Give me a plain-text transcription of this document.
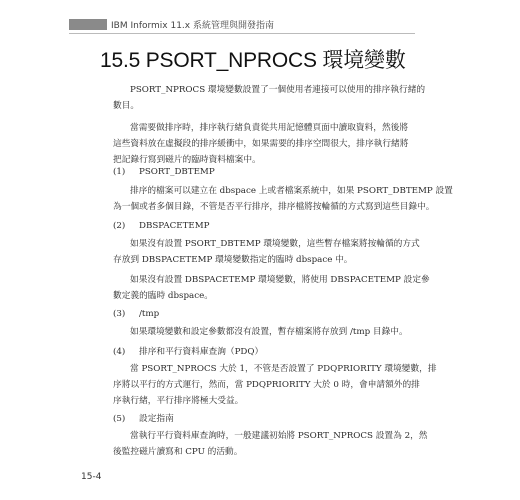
IBM Informix 11.x 系統管理與開發指南
15.5 PSORT_NPROCS 環境變數
PSORT_NPROCS 環境變數設置了一個使用者連接可以使用的排序執行緒的
數目。
當需要做排序時，排序執行緒負責從共用記憶體頁面中讀取資料，然後將
這些資料放在虛擬段的排序緩衝中，如果需要的排序空間很大，排序執行緒將
把記錄行寫到磁片的臨時資料檔案中。
(1) PSORT_DBTEMP
排序的檔案可以建立在 dbspace 上或者檔案系統中，如果 PSORT_DBTEMP 設置
為一個或者多個目錄，不管是否平行排序，排序檔將按輪循的方式寫到這些目錄中。
(2) DBSPACETEMP
如果沒有設置 PSORT_DBTEMP 環境變數，這些暫存檔案將按輪循的方式
存放到 DBSPACETEMP 環境變數指定的臨時 dbspace 中。
如果沒有設置 DBSPACETEMP 環境變數，將使用 DBSPACETEMP 設定參
數定義的臨時 dbspace。
(3) /tmp
如果環境變數和設定參數都沒有設置，暫存檔案將存放到 /tmp 目錄中。
(4) 排序和平行資料庫查詢（PDQ）
當 PSORT_NPROCS 大於 1，不管是否設置了 PDQPRIORITY 環境變數，排
序將以平行的方式運行，然而，當 PDQPRIORITY 大於 0 時，會申請額外的排
序執行緒，平行排序將極大受益。
(5) 設定指南
當執行平行資料庫查詢時，一般建議初始將 PSORT_NPROCS 設置為 2，然
後監控磁片讀寫和 CPU 的活動。
15-4
